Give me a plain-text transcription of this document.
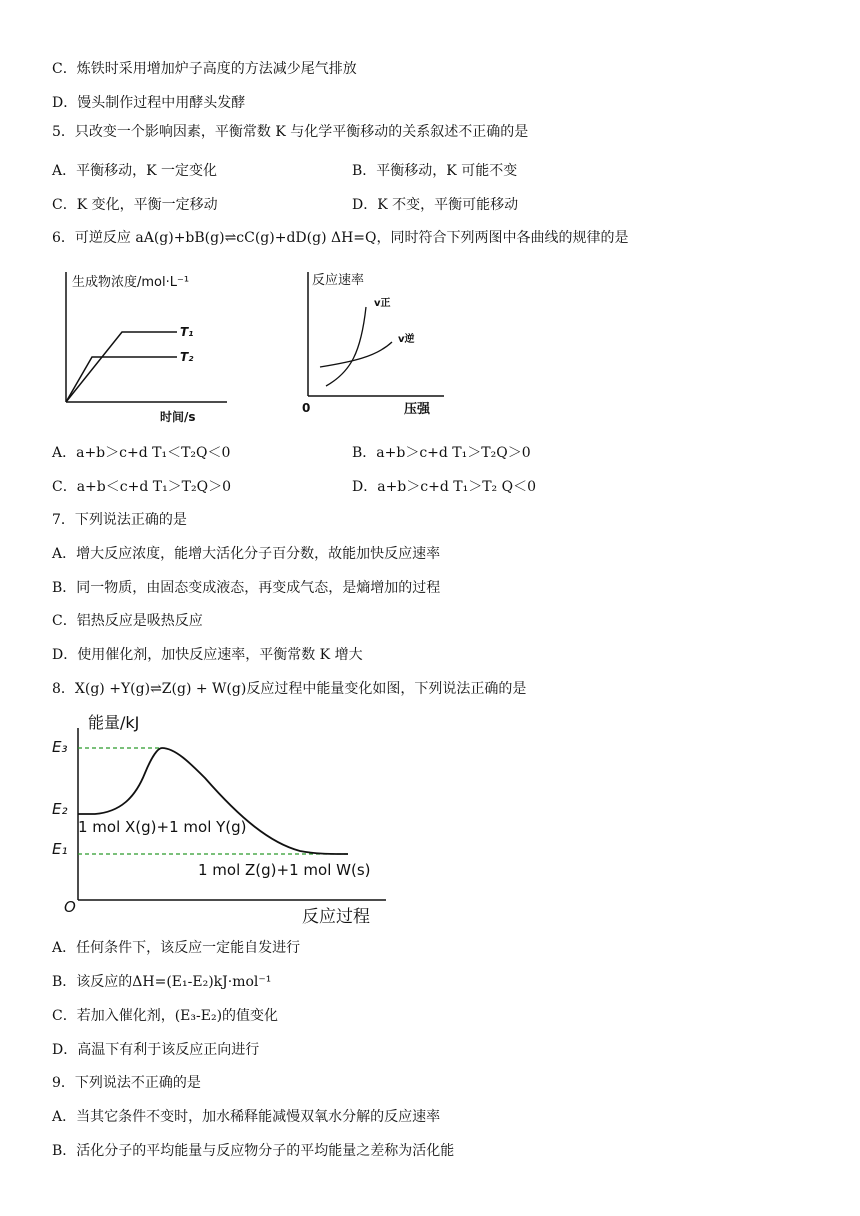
C．炼铁时采用增加炉子高度的方法减少尾气排放
D．馒头制作过程中用酵头发酵
5．只改变一个影响因素，平衡常数 K 与化学平衡移动的关系叙述不正确的是
A．平衡移动，K 一定变化	B．平衡移动，K 可能不变
C．K 变化，平衡一定移动	D．K 不变，平衡可能移动
6．可逆反应 aA(g)+bB(g)⇌cC(g)+dD(g) ΔH=Q，同时符合下列两图中各曲线的规律的是
生成物浓度/mol·L⁻¹
T₁
T₂
时间/s
反应速率
v正
v逆
0	压强
A．a+b＞c+d T₁＜T₂Q＜0	B．a+b＞c+d T₁＞T₂Q＞0
C．a+b＜c+d T₁＞T₂Q＞0	D．a+b＞c+d T₁＞T₂ Q＜0
7．下列说法正确的是
A．增大反应浓度，能增大活化分子百分数，故能加快反应速率
B．同一物质，由固态变成液态，再变成气态，是熵增加的过程
C．铝热反应是吸热反应
D．使用催化剂，加快反应速率，平衡常数 K 增大
8．X(g) +Y(g)⇌Z(g) + W(g)反应过程中能量变化如图，下列说法正确的是
能量/kJ
E₃
E₂
E₁
1 mol X(g)+1 mol Y(g)
1 mol Z(g)+1 mol W(s)
O	反应过程
A．任何条件下，该反应一定能自发进行
B．该反应的ΔH=(E₁-E₂)kJ·mol⁻¹
C．若加入催化剂，(E₃-E₂)的值变化
D．高温下有利于该反应正向进行
9．下列说法不正确的是
A．当其它条件不变时，加水稀释能减慢双氧水分解的反应速率
B．活化分子的平均能量与反应物分子的平均能量之差称为活化能
